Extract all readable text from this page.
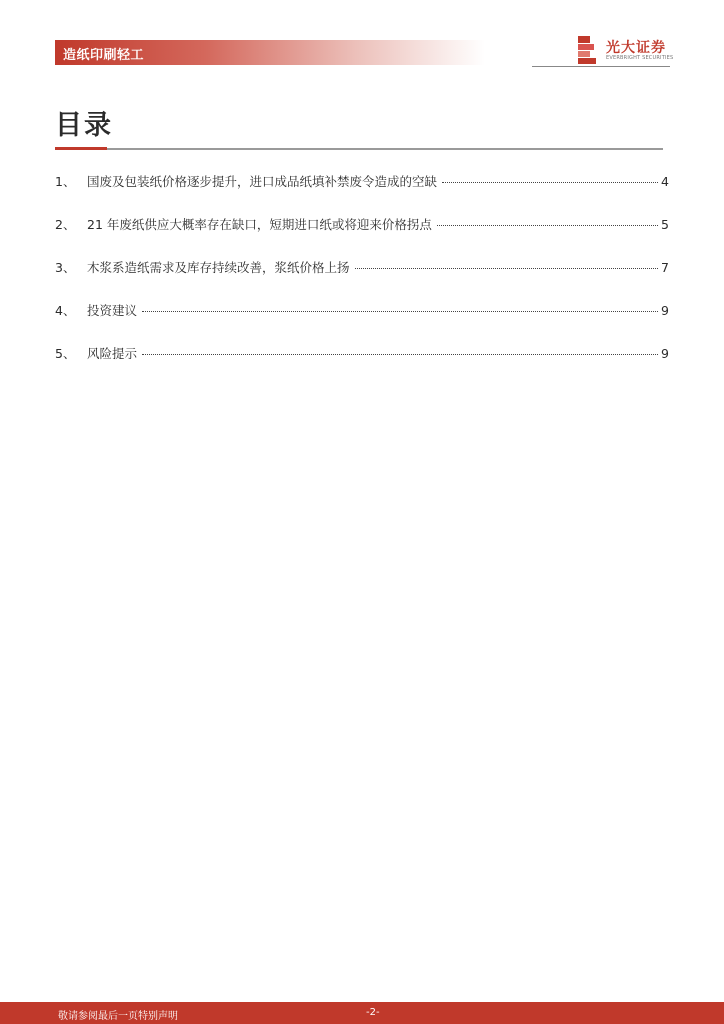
造纸印刷轻工	光大证券
EVERBRIGHT SECURITIES
目录
1、 国废及包装纸价格逐步提升，进口成品纸填补禁废令造成的空缺	4
2、 21 年废纸供应大概率存在缺口，短期进口纸或将迎来价格拐点	5
3、 木浆系造纸需求及库存持续改善，浆纸价格上扬	7
4、 投资建议	9
5、 风险提示	9
敬请参阅最后一页特别声明	-2-
